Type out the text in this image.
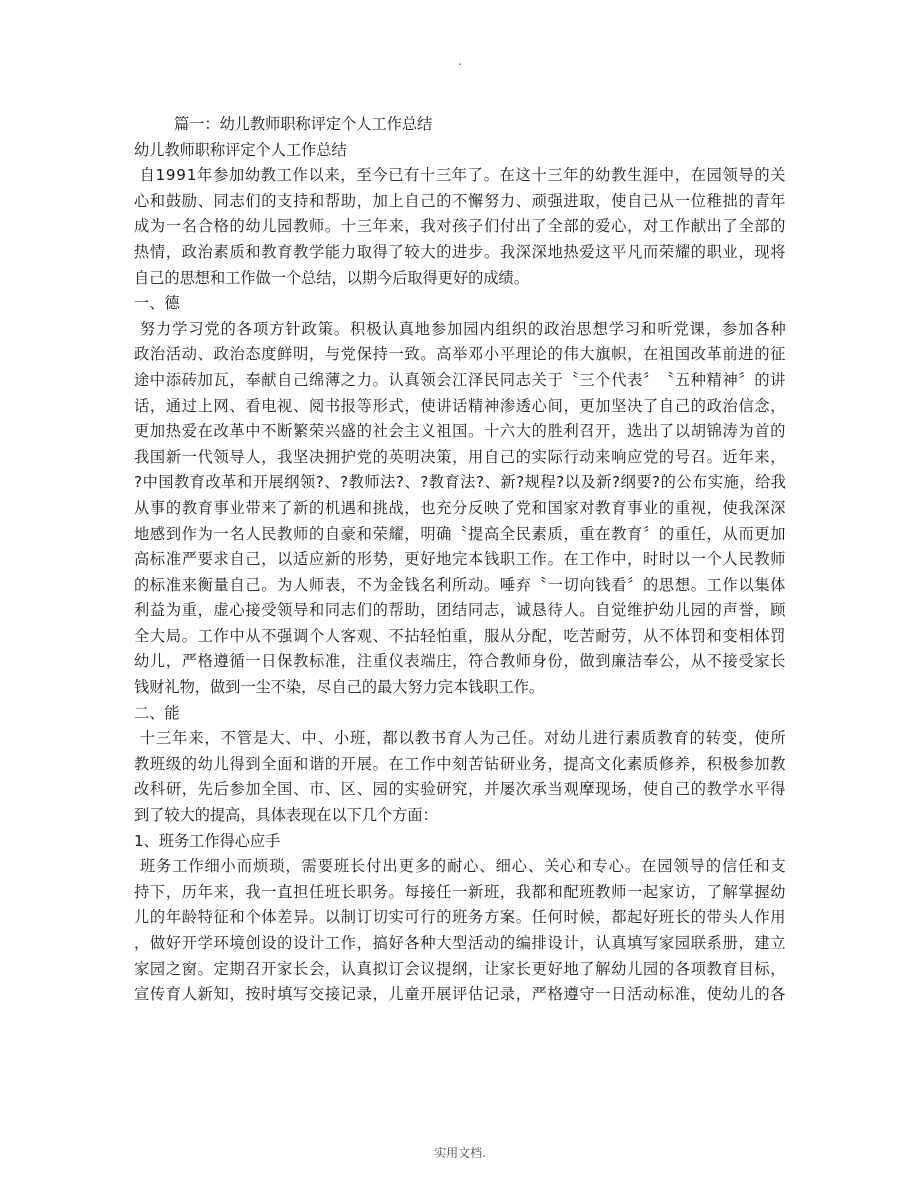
.
篇一：幼儿教师职称评定个人工作总结
幼儿教师职称评定个人工作总结

自 1 9 9 1 年 参 加 幼 教 工 作 以 来 ， 至 今 已 有 十 三 年 了 。 在 这 十 三 年 的 幼 教 生 涯 中 ， 在 园 领 导 的 关
心 和 鼓 励 、 同 志 们 的 支 持 和 帮 助 ， 加 上 自 己 的 不 懈 努 力 、 顽 强 进 取 ， 使 自 己 从 一 位 稚 拙 的 青 年
成 为 一 名 合 格 的 幼 儿 园 教 师 。 十 三 年 来 ， 我 对 孩 子 们 付 出 了 全 部 的 爱 心 ， 对 工 作 献 出 了 全 部 的
热 情 ， 政 治 素 质 和 教 育 教 学 能 力 取 得 了 较 大 的 进 步 。 我 深 深 地 热 爱 这 平 凡 而 荣 耀 的 职 业 ， 现 将
自己的思想和工作做一个总结，以期今后取得更好的成绩。
一、德

努 力 学 习 党 的 各 项 方 针 政 策 。 积 极 认 真 地 参 加 园 内 组 织 的 政 治 思 想 学 习 和 听 党 课 ， 参 加 各 种
政 治 活 动 、 政 治 态 度 鲜 明 ， 与 党 保 持 一 致 。 高 举 邓 小 平 理 论 的 伟 大 旗 帜 ， 在 祖 国 改 革 前 进 的 征
途 中 添 砖 加 瓦 ， 奉 献 自 己 绵 薄 之 力 。 认 真 领 会 江 泽 民 同 志 关 于 〝 三 个 代 表 〞 〝 五 种 精 神 〞 的 讲
话 ， 通 过 上 网 、 看 电 视 、 阅 书 报 等 形 式 ， 使 讲 话 精 神 渗 透 心 间 ， 更 加 坚 决 了 自 己 的 政 治 信 念 ，
更 加 热 爱 在 改 革 中 不 断 繁 荣 兴 盛 的 社 会 主 义 祖 国 。 十 六 大 的 胜 利 召 开 ， 选 出 了 以 胡 锦 涛 为 首 的
我 国 新 一 代 领 导 人 ， 我 坚 决 拥 护 党 的 英 明 决 策 ， 用 自 己 的 实 际 行 动 来 响 应 党 的 号 召 。 近 年 来 ，
? 中 国 教 育 改 革 和 开 展 纲 领 ? 、 ? 教 师 法 ? 、 ? 教 育 法 ? 、 新 ? 规 程 ? 以 及 新 ? 纲 要 ? 的 公 布 实 施 ， 给 我
从 事 的 教 育 事 业 带 来 了 新 的 机 遇 和 挑 战 ， 也 充 分 反 映 了 党 和 国 家 对 教 育 事 业 的 重 视 ， 使 我 深 深
地 感 到 作 为 一 名 人 民 教 师 的 自 豪 和 荣 耀 ， 明 确 〝 提 高 全 民 素 质 ， 重 在 教 育 〞 的 重 任 ， 从 而 更 加
高 标 准 严 要 求 自 己 ， 以 适 应 新 的 形 势 ， 更 好 地 完 本 钱 职 工 作 。 在 工 作 中 ， 时 时 以 一 个 人 民 教 师
的 标 准 来 衡 量 自 己 。 为 人 师 表 ， 不 为 金 钱 名 利 所 动 。 唾 弃 〝 一 切 向 钱 看 〞 的 思 想 。 工 作 以 集 体
利 益 为 重 ， 虚 心 接 受 领 导 和 同 志 们 的 帮 助 ， 团 结 同 志 ， 诚 恳 待 人 。 自 觉 维 护 幼 儿 园 的 声 誉 ， 顾
全 大 局 。 工 作 中 从 不 强 调 个 人 客 观 、 不 拈 轻 怕 重 ， 服 从 分 配 ， 吃 苦 耐 劳 ， 从 不 体 罚 和 变 相 体 罚
幼 儿 ， 严 格 遵 循 一 日 保 教 标 准 ， 注 重 仪 表 端 庄 ， 符 合 教 师 身 份 ， 做 到 廉 洁 奉 公 ， 从 不 接 受 家 长
钱财礼物，做到一尘不染，尽自己的最大努力完本钱职工作。
二、能

十 三 年 来 ， 不 管 是 大 、 中 、 小 班 ， 都 以 教 书 育 人 为 己 任 。 对 幼 儿 进 行 素 质 教 育 的 转 变 ， 使 所
教 班 级 的 幼 儿 得 到 全 面 和 谐 的 开 展 。 在 工 作 中 刻 苦 钻 研 业 务 ， 提 高 文 化 素 质 修 养 ， 积 极 参 加 教
改 科 研 ， 先 后 参 加 全 国 、 市 、 区 、 园 的 实 验 研 究 ， 并 屡 次 承 当 观 摩 现 场 ， 使 自 己 的 教 学 水 平 得
到了较大的提高，具体表现在以下几个方面：
1、班务工作得心应手

班 务 工 作 细 小 而 烦 琐 ， 需 要 班 长 付 出 更 多 的 耐 心 、 细 心 、 关 心 和 专 心 。 在 园 领 导 的 信 任 和 支
持 下 ， 历 年 来 ， 我 一 直 担 任 班 长 职 务 。 每 接 任 一 新 班 ， 我 都 和 配 班 教 师 一 起 家 访 ， 了 解 掌 握 幼
儿 的 年 龄 特 征 和 个 体 差 异 。 以 制 订 切 实 可 行 的 班 务 方 案 。 任 何 时 候 ， 都 起 好 班 长 的 带 头 人 作 用
， 做 好 开 学 环 境 创 设 的 设 计 工 作 ， 搞 好 各 种 大 型 活 动 的 编 排 设 计 ， 认 真 填 写 家 园 联 系 册 ， 建 立
家 园 之 窗 。 定 期 召 开 家 长 会 ， 认 真 拟 订 会 议 提 纲 ， 让 家 长 更 好 地 了 解 幼 儿 园 的 各 项 教 育 目 标 ，
宣 传 育 人 新 知 ， 按 时 填 写 交 接 记 录 ， 儿 童 开 展 评 估 记 录 ， 严 格 遵 守 一 日 活 动 标 准 ， 使 幼 儿 的 各
实用文档.
